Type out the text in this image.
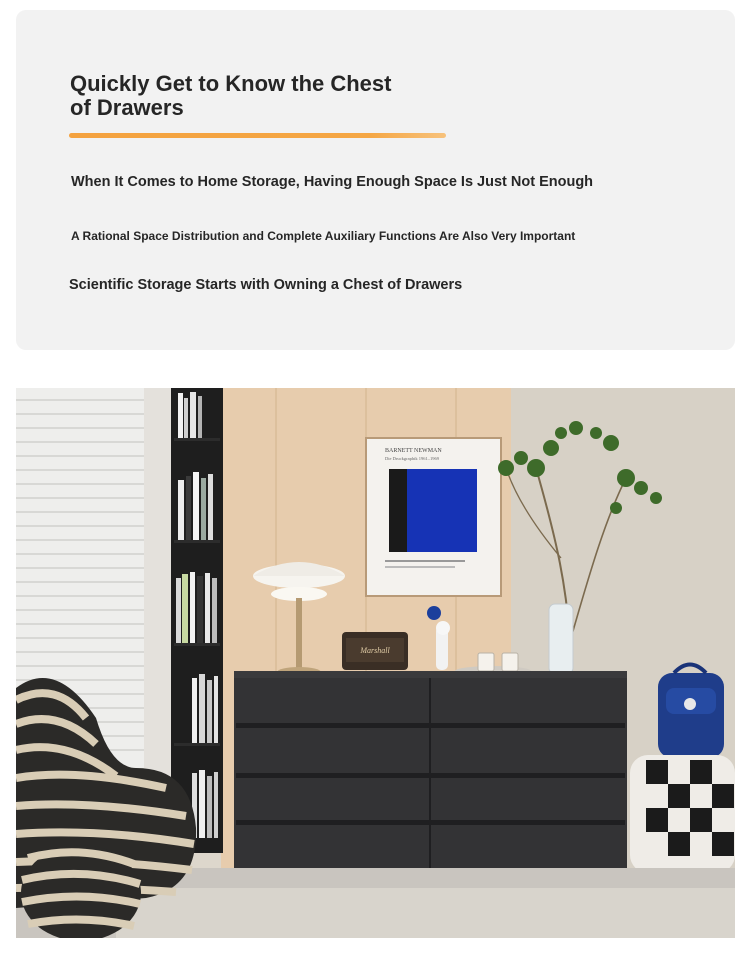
Quickly Get to Know the Chest of Drawers
When It Comes to Home Storage, Having Enough Space Is Just Not Enough
A Rational Space Distribution and Complete Auxiliary Functions Are Also Very Important
Scientific Storage Starts with Owning a Chest of Drawers
BARNETT NEWMAN
Die Druckgraphik 1961–1969
Marshall
